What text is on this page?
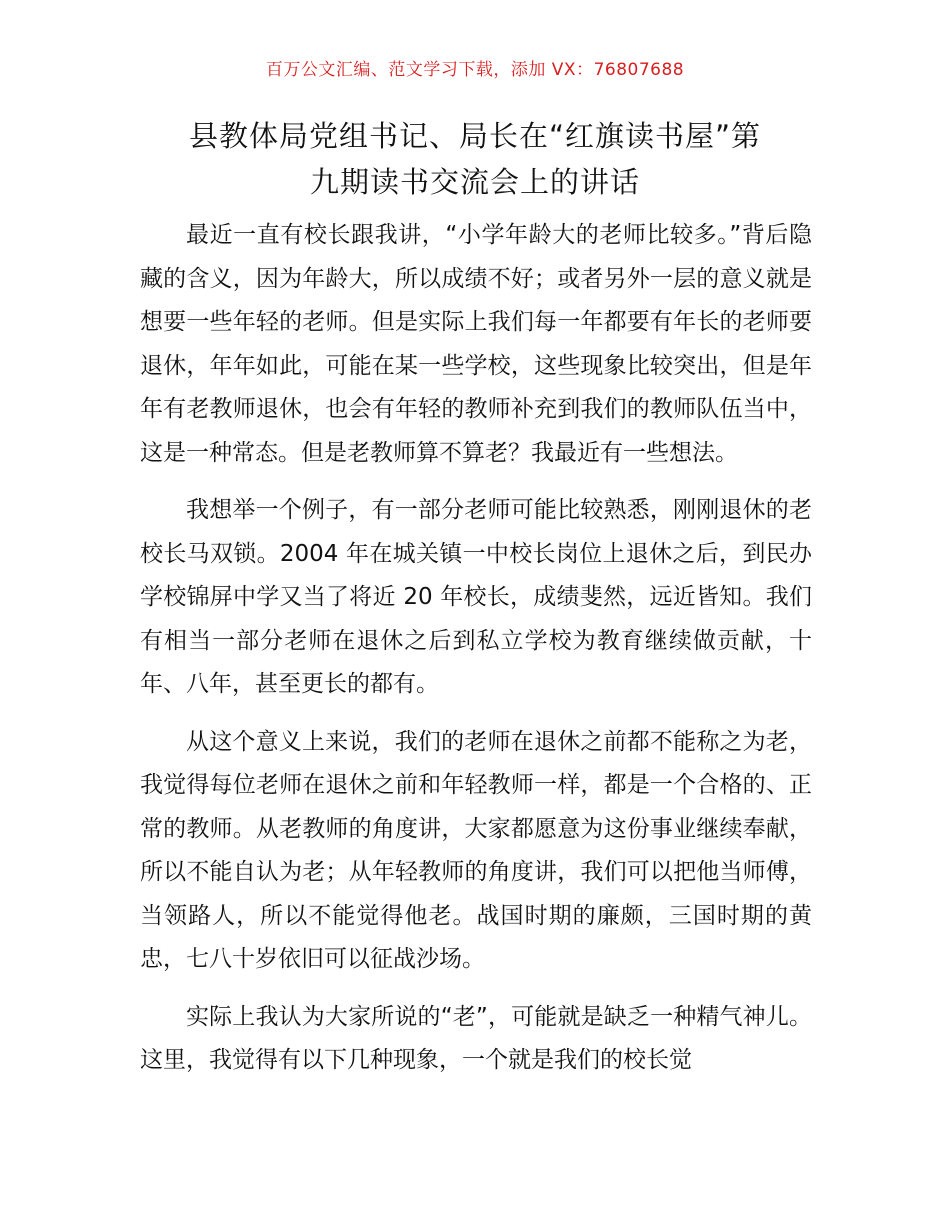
百万公文汇编、范文学习下载，添加 VX：76807688
县教体局党组书记、局长在“红旗读书屋”第
九期读书交流会上的讲话

最近一直有校长跟我讲，“小学年龄大的老师比较多。”背后隐藏的含义，因为年龄大，所以成绩不好；或者另外一层的意义就是想要一些年轻的老师。但是实际上我们每一年都要有年长的老师要退休，年年如此，可能在某一些学校，这些现象比较突出，但是年年有老教师退休，也会有年轻的教师补充到我们的教师队伍当中，这是一种常态。但是老教师算不算老？我最近有一些想法。

我想举一个例子，有一部分老师可能比较熟悉，刚刚退休的老校长马双锁。2004 年在城关镇一中校长岗位上退休之后，到民办学校锦屏中学又当了将近 20 年校长，成绩斐然，远近皆知。我们有相当一部分老师在退休之后到私立学校为教育继续做贡献，十年、八年，甚至更长的都有。

从这个意义上来说，我们的老师在退休之前都不能称之为老，我觉得每位老师在退休之前和年轻教师一样，都是一个合格的、正常的教师。从老教师的角度讲，大家都愿意为这份事业继续奉献，所以不能自认为老；从年轻教师的角度讲，我们可以把他当师傅，当领路人，所以不能觉得他老。战国时期的廉颇，三国时期的黄忠，七八十岁依旧可以征战沙场。

实际上我认为大家所说的“老”，可能就是缺乏一种精气神儿。这里，我觉得有以下几种现象，一个就是我们的校长觉
